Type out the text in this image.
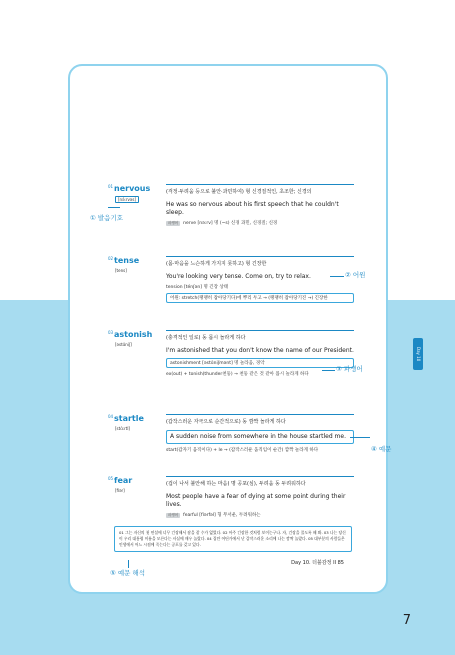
01 nervous
[nə́ːrvəs]
(걱정·두려움 등으로 불안·과민하여) 형 신경질적인, 초조한; 신경의
He was so nervous about his first speech that he couldn't sleep.
파생어 nerve [nəːrv] 명 (~s) 신경 과민, 신경질; 신경
02 tense
[tens]
(몸·마음을 느슨하게 가지지 못하고) 형 긴장한
You're looking very tense. Come on, try to relax.
tension [ténʃən] 명 긴장 상태
어원: stretch(팽팽히 잡아당기다)에 뿌리 두고 → (팽팽히 잡아당기진 →) 긴장한
03 astonish
[əstɑ́niʃ]
(충격적인 일로) 동 몹시 놀라게 하다
I'm astonished that you don't know the name of our President.
astonishment [əstɑ́niʃmənt] 명 놀라움, 경악
ex(out) + tonish(thunder천둥) → 천둥 같은 것 같아 몹시 놀라게 하다
04 startle
[stɑ́ːrtl]
(갑작스러운 자극으로 순간적으로) 동 깜짝 놀라게 하다
A sudden noise from somewhere in the house startled me.
start(갑자기 움직이다) + le → (갑작스러운 움직임이 순간) 깜짝 놀라게 하다
05 fear
[fiər]
(겁이 나서 불안해 하는 마음) 명 공포(심), 두려움 동 두려워하다
Most people have a fear of dying at some point during their lives.
파생어 fearful [fíərfəl] 형 무서운, 두려워하는
01 그는 자신의 첫 연설에 너무 긴장해서 잠을 잘 수가 없었다. 02 아주 긴장한 것처럼 보이는구나. 자, 긴장을 풀도록 해 봐. 03 나는 당신이 우리 대통령 이름을 모른다는 사실에 매우 놀랐다. 04 집안 어딘가에서 난 갑작스러운 소리에 나는 깜짝 놀랐다. 05 대부분의 사람들은 인생에서 어느 시점에 죽는다는 공포를 갖고 있다.
Day 10. 더블감정 II 85
Day 10
① 발음기호
② 어원
③ 파생어
④ 예문
⑤ 예문 해석
7
